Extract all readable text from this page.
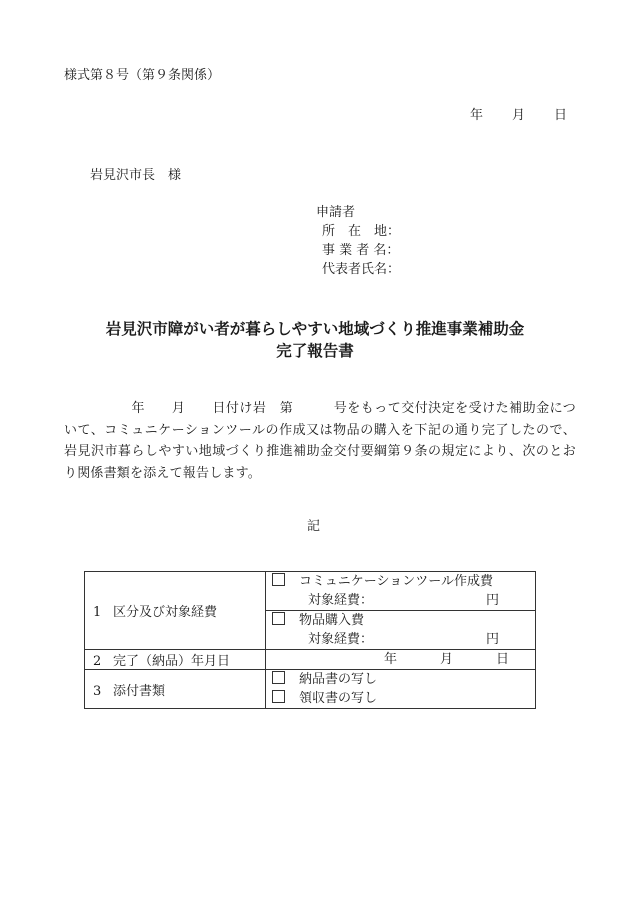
様式第８号（第９条関係）
年 月 日
岩見沢市長　様
申請者
所　在　地：
事 業 者 名：
代表者氏名：
岩見沢市障がい者が暮らしやすい地域づくり推進事業補助金
完了報告書
　　　　　年　　月　　日付け岩　第　　　号をもって交付決定を受けた補助金について、コミュニケーションツールの作成又は物品の購入を下記の通り完了したので、岩見沢市暮らしやすい地域づくり推進補助金交付要綱第９条の規定により、次のとおり関係書類を添えて報告します。
記
1 区分及び対象経費	コミュニケーションツール作成費

	対象経費： 円

	物品購入費

	対象経費： 円

2 完了（納品）年月日	年 月 日

3 添付書類	納品書の写し
領収書の写し
